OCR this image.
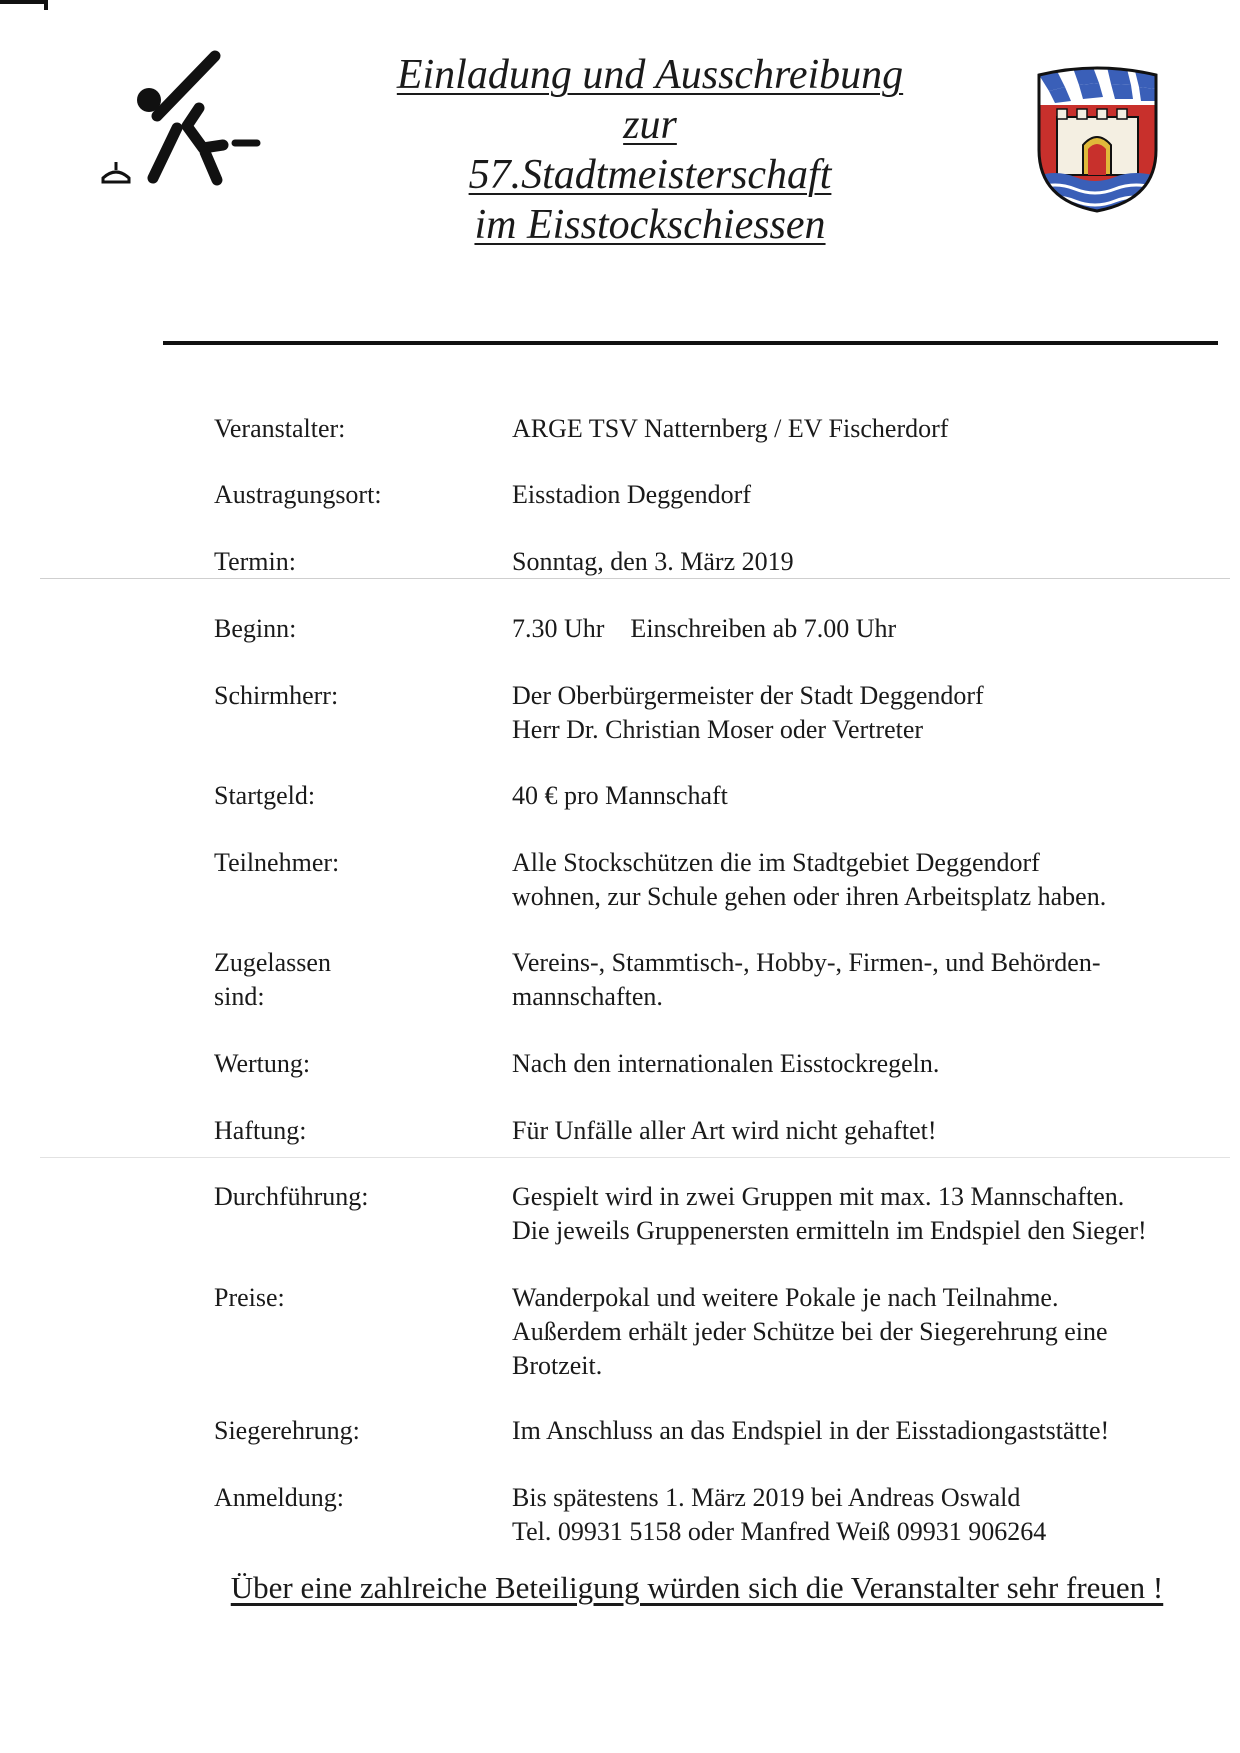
Einladung und Ausschreibung
zur
57.Stadtmeisterschaft
im Eisstockschiessen
Veranstalter:	ARGE TSV Natternberg / EV Fischerdorf
Austragungsort:	Eisstadion Deggendorf
Termin:	Sonntag, den 3. März 2019
Beginn:	7.30 Uhr    Einschreiben ab 7.00 Uhr
Schirmherr:	Der Oberbürgermeister der Stadt Deggendorf
Herr Dr. Christian Moser oder Vertreter
Startgeld:	40 € pro Mannschaft
Teilnehmer:	Alle Stockschützen die im Stadtgebiet Deggendorf
wohnen, zur Schule gehen oder ihren Arbeitsplatz haben.
Zugelassen sind:
Vereins-, Stammtisch-, Hobby-, Firmen-, und Behörden-
mannschaften.
Wertung:	Nach den internationalen Eisstockregeln.
Haftung:	Für Unfälle aller Art wird nicht gehaftet!
Durchführung:	Gespielt wird in zwei Gruppen mit max. 13 Mannschaften.
Die jeweils Gruppenersten ermitteln im Endspiel den Sieger!
Preise:	Wanderpokal und weitere Pokale je nach Teilnahme.
Außerdem erhält jeder Schütze bei der Siegerehrung eine
Brotzeit.
Siegerehrung:	Im Anschluss an das Endspiel in der Eisstadiongaststätte!
Anmeldung:	Bis spätestens 1. März 2019 bei Andreas Oswald
Tel. 09931 5158 oder Manfred Weiß 09931 906264
Über eine zahlreiche Beteiligung würden sich die Veranstalter sehr freuen !
